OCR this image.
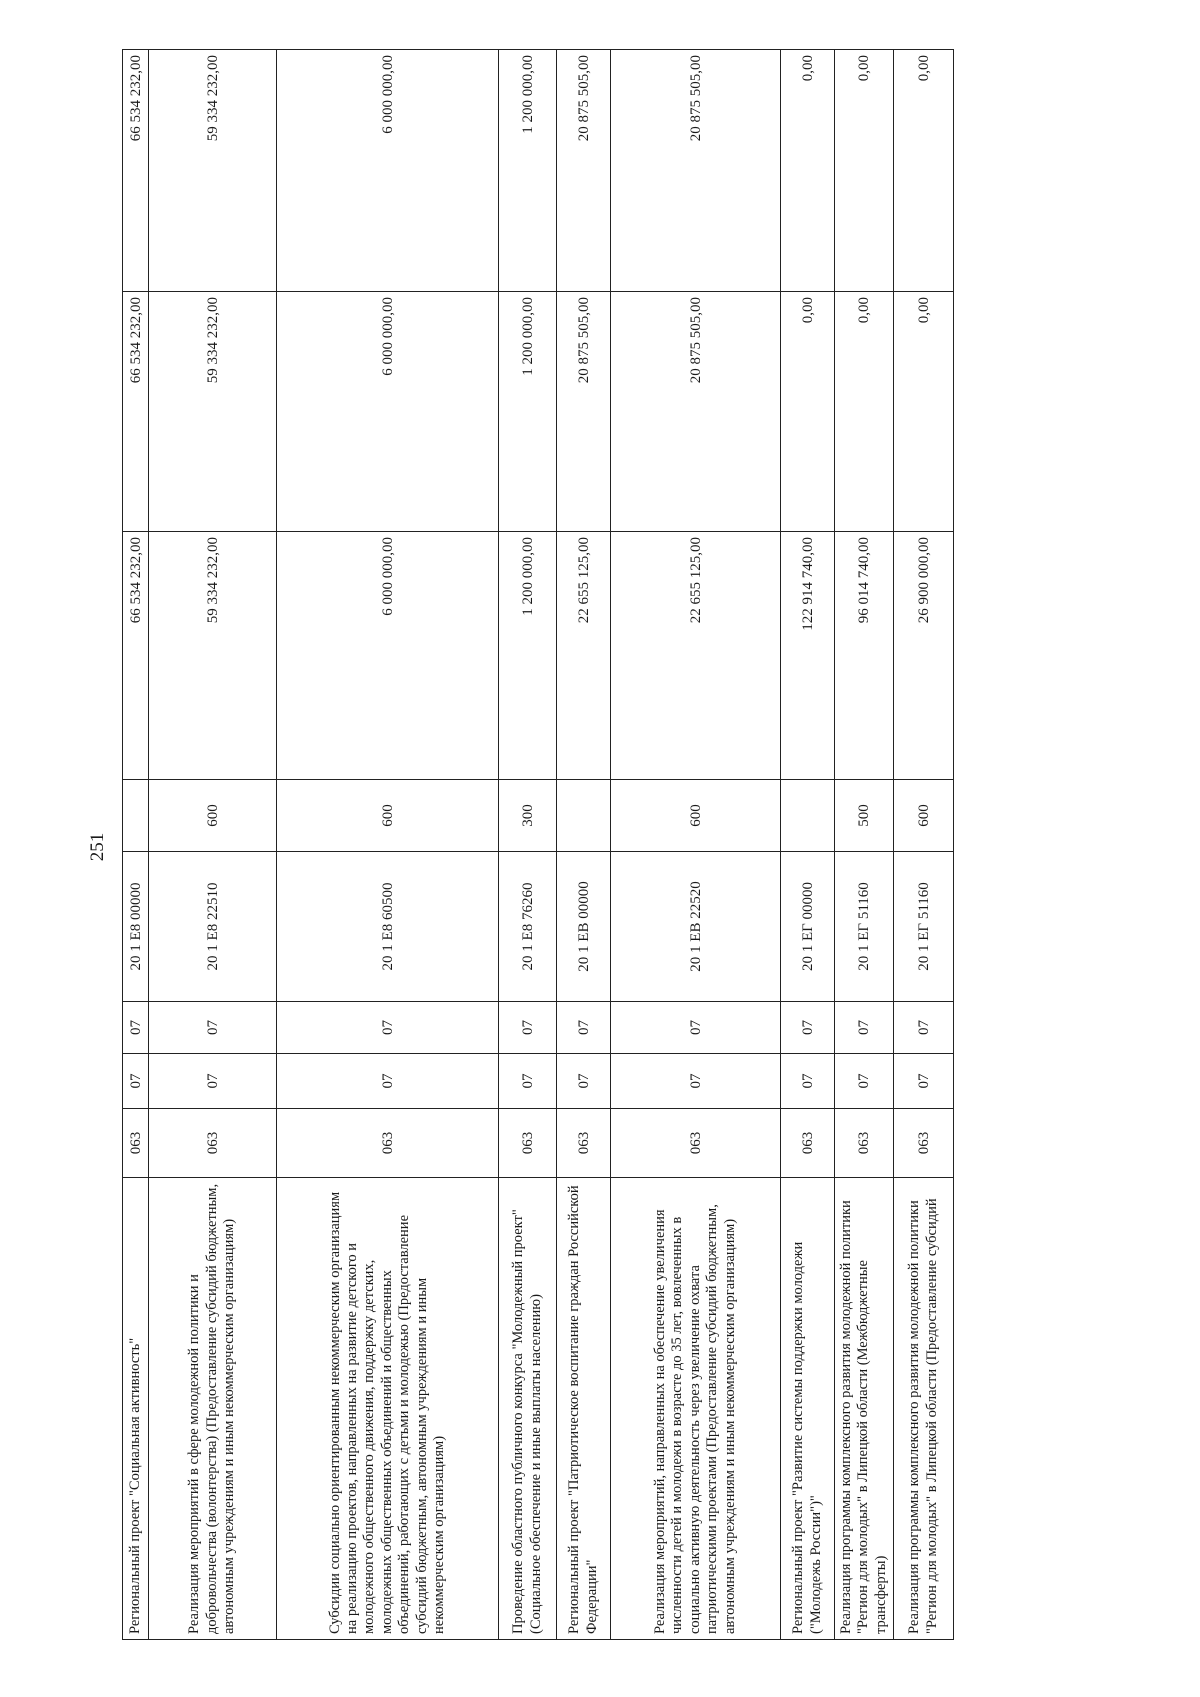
251
Региональный проект "Социальная активность"	063	07	07	20 1 E8 00000		66 534 232,00	66 534 232,00	66 534 232,00
Реализация мероприятий в сфере молодежной политики и добровольчества (волонтерства) (Предоставление субсидий бюджетным, автономным учреждениям и иным некоммерческим организациям)	063	07	07	20 1 E8 22510	600	59 334 232,00	59 334 232,00	59 334 232,00
Субсидии социально ориентированным некоммерческим организациям на реализацию проектов, направленных на развитие детского и молодежного общественного движения, поддержку детских, молодежных общественных объединений и общественных объединений, работающих с детьми и молодежью (Предоставление субсидий бюджетным, автономным учреждениям и иным некоммерческим организациям)	063	07	07	20 1 E8 60500	600	6 000 000,00	6 000 000,00	6 000 000,00
Проведение областного публичного конкурса "Молодежный проект" (Социальное обеспечение и иные выплаты населению)	063	07	07	20 1 E8 76260	300	1 200 000,00	1 200 000,00	1 200 000,00
Региональный проект "Патриотическое воспитание граждан Российской Федерации"	063	07	07	20 1 EB 00000		22 655 125,00	20 875 505,00	20 875 505,00
Реализация мероприятий, направленных на обеспечение увеличения численности детей и молодежи в возрасте до 35 лет, вовлеченных в социально активную деятельность через увеличение охвата патриотическими проектами (Предоставление субсидий бюджетным, автономным учреждениям и иным некоммерческим организациям)	063	07	07	20 1 EB 22520	600	22 655 125,00	20 875 505,00	20 875 505,00
Региональный проект "Развитие системы поддержки молодежи ("Молодежь России")"	063	07	07	20 1 EГ 00000		122 914 740,00	0,00	0,00
Реализация программы комплексного развития молодежной политики "Регион для молодых" в Липецкой области (Межбюджетные трансферты)	063	07	07	20 1 EГ 51160	500	96 014 740,00	0,00	0,00
Реализация программы комплексного развития молодежной политики "Регион для молодых" в Липецкой области (Предоставление субсидий	063	07	07	20 1 EГ 51160	600	26 900 000,00	0,00	0,00
